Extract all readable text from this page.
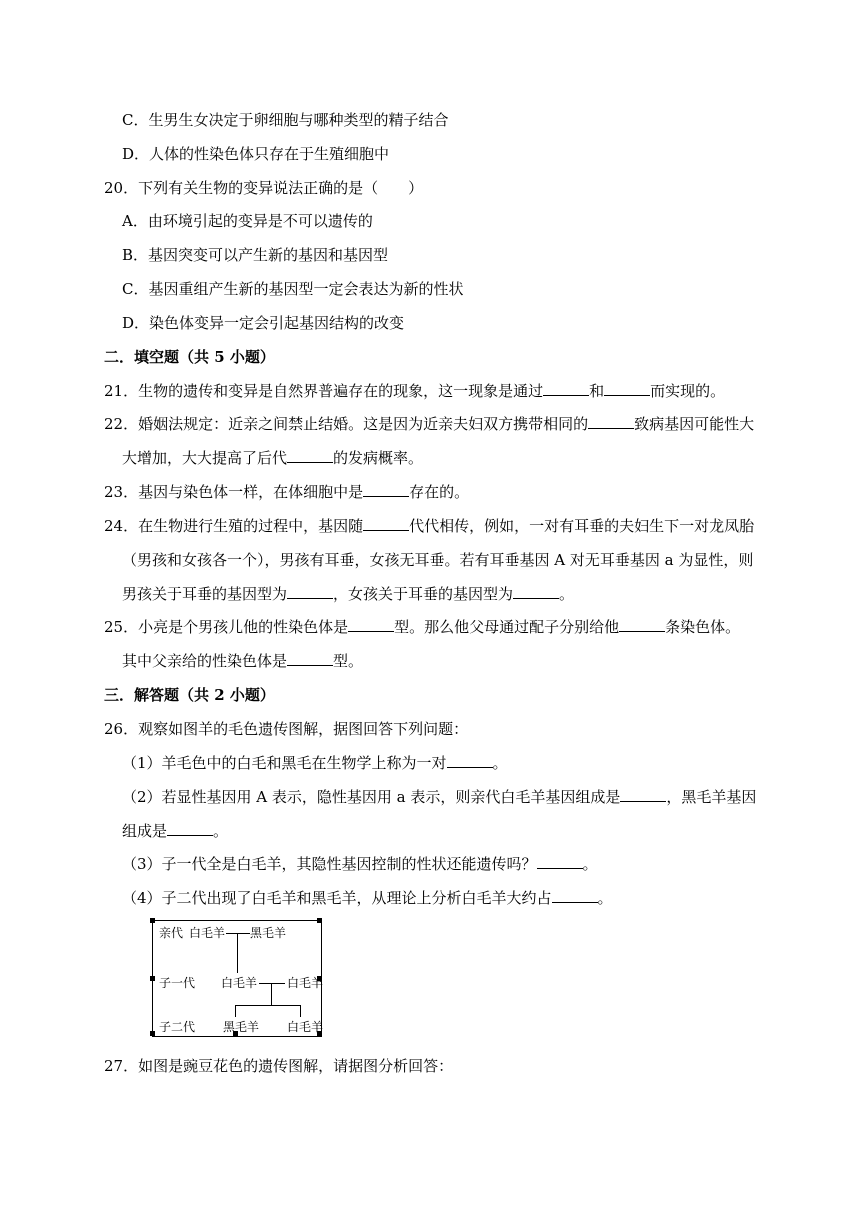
C．生男生女决定于卵细胞与哪种类型的精子结合
D．人体的性染色体只存在于生殖细胞中
20．下列有关生物的变异说法正确的是（　　）
A．由环境引起的变异是不可以遗传的
B．基因突变可以产生新的基因和基因型
C．基因重组产生新的基因型一定会表达为新的性状
D．染色体变异一定会引起基因结构的改变
二．填空题（共 5 小题）
21．生物的遗传和变异是自然界普遍存在的现象，这一现象是通过	和	而实现的。
22．婚姻法规定：近亲之间禁止结婚。这是因为近亲夫妇双方携带相同的	致病基因可能性大
大增加，大大提高了后代	的发病概率。
23．基因与染色体一样，在体细胞中是	存在的。
24．在生物进行生殖的过程中，基因随	代代相传，例如，一对有耳垂的夫妇生下一对龙凤胎
（男孩和女孩各一个），男孩有耳垂，女孩无耳垂。若有耳垂基因 A 对无耳垂基因 a 为显性，则
男孩关于耳垂的基因型为	，女孩关于耳垂的基因型为	。
25．小亮是个男孩儿他的性染色体是	型。那么他父母通过配子分别给他	条染色体。
其中父亲给的性染色体是	型。
三．解答题（共 2 小题）
26．观察如图羊的毛色遗传图解，据图回答下列问题：
（1）羊毛色中的白毛和黑毛在生物学上称为一对	。
（2）若显性基因用 A 表示，隐性基因用 a 表示，则亲代白毛羊基因组成是	，黑毛羊基因
组成是	。
（3）子一代全是白毛羊，其隐性基因控制的性状还能遗传吗？	。
（4）子二代出现了白毛羊和黑毛羊，从理论上分析白毛羊大约占	。
亲代 白毛羊 黑毛羊
子一代 白毛羊 白毛羊
子二代 黑毛羊 白毛羊
27．如图是豌豆花色的遗传图解，请据图分析回答：
